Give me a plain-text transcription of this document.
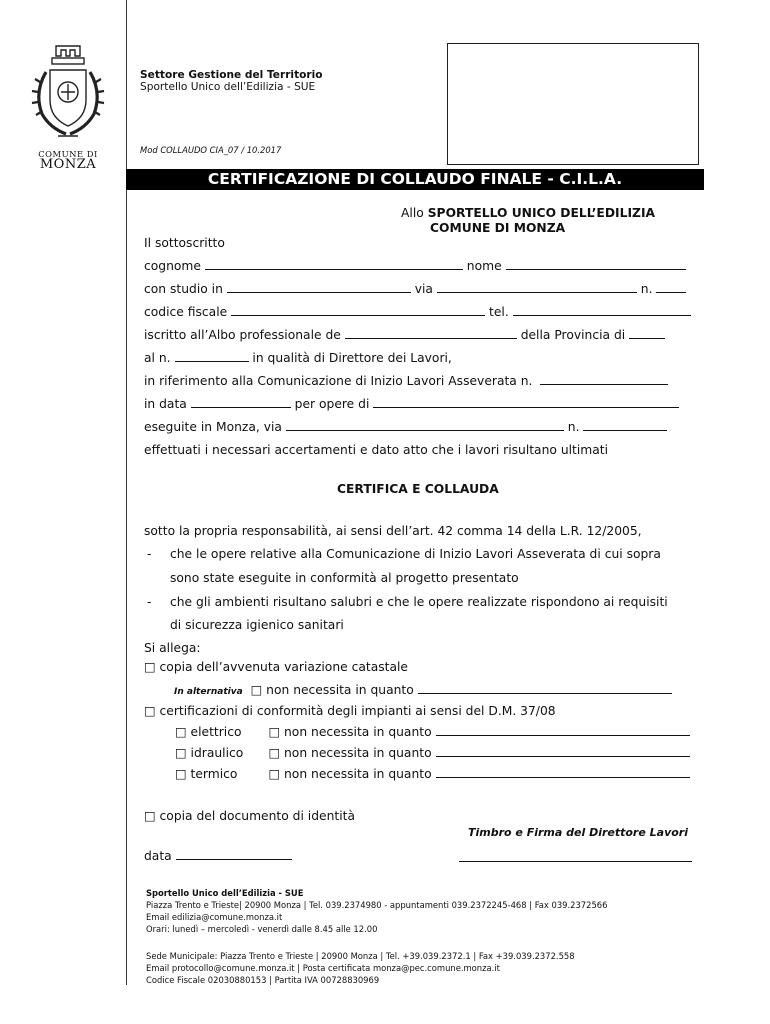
COMUNE DI
MONZA
Settore Gestione del Territorio
Sportello Unico dell’Edilizia - SUE
Mod COLLAUDO CIA_07 / 10.2017
CERTIFICAZIONE DI COLLAUDO FINALE - C.I.L.A.
Allo SPORTELLO UNICO DELL’EDILIZIA
COMUNE DI MONZA
Il sottoscritto
cognome	nome
con studio in	via	n.
codice fiscale	tel.
iscritto all’Albo professionale de	della Provincia di
al n.	in qualità di Direttore dei Lavori,
in riferimento alla Comunicazione di Inizio Lavori Asseverata n.
in data	per opere di
eseguite in Monza, via	n.
effettuati i necessari accertamenti e dato atto che i lavori risultano ultimati
CERTIFICA E COLLAUDA
sotto la propria responsabilità, ai sensi dell’art. 42 comma 14 della L.R. 12/2005,
- che le opere relative alla Comunicazione di Inizio Lavori Asseverata di cui sopra
sono state eseguite in conformità al progetto presentato
- che gli ambienti risultano salubri e che le opere realizzate rispondono ai requisiti
di sicurezza igienico sanitari
Si allega:
□ copia dell’avvenuta variazione catastale
In alternativa □ non necessita in quanto
□ certificazioni di conformità degli impianti ai sensi del D.M. 37/08
□ elettrico □ non necessita in quanto
□ idraulico □ non necessita in quanto
□ termico	□ non necessita in quanto
□ copia del documento di identità
Timbro e Firma del Direttore Lavori
data
Sportello Unico dell’Edilizia - SUE
Piazza Trento e Trieste| 20900 Monza | Tel. 039.2374980 - appuntamenti 039.2372245-468 | Fax 039.2372566
Email edilizia@comune.monza.it
Orari: lunedì – mercoledì - venerdì dalle 8.45 alle 12.00
Sede Municipale: Piazza Trento e Trieste | 20900 Monza | Tel. +39.039.2372.1 | Fax +39.039.2372.558
Email protocollo@comune.monza.it | Posta certificata monza@pec.comune.monza.it
Codice Fiscale 02030880153 | Partita IVA 00728830969
